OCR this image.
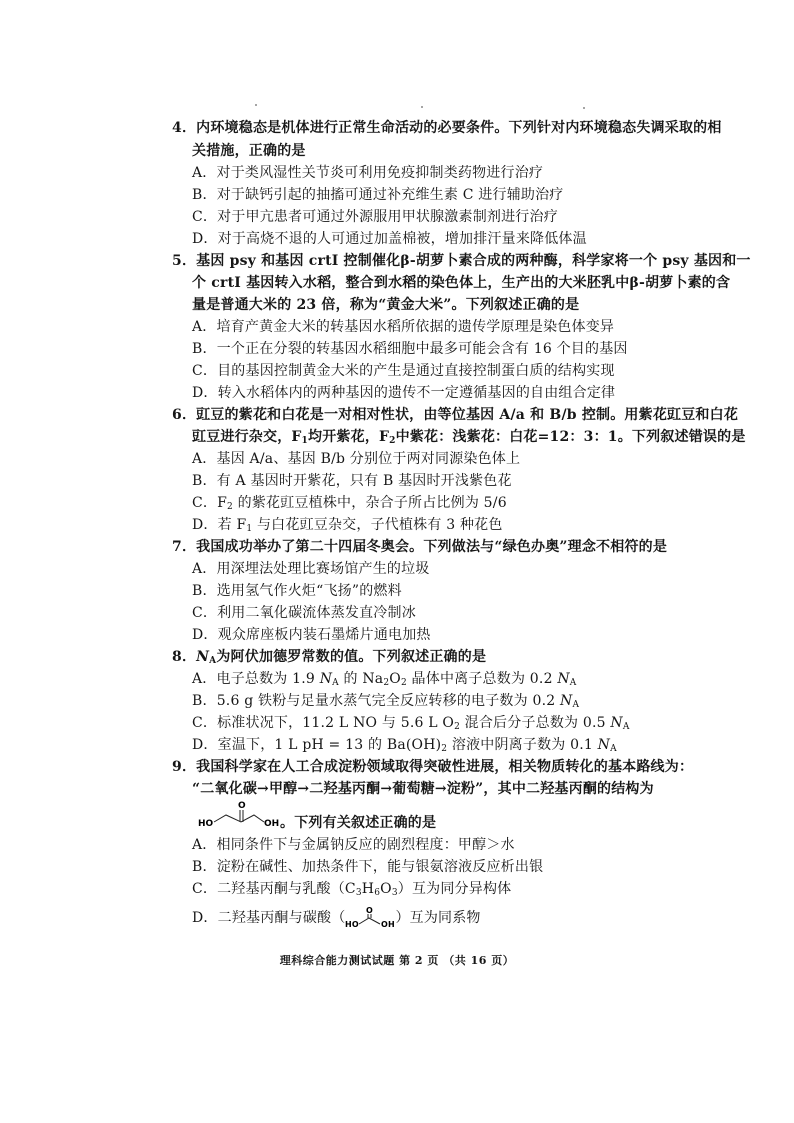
4．内环境稳态是机体进行正常生命活动的必要条件。下列针对内环境稳态失调采取的相
关措施，正确的是
A．对于类风湿性关节炎可利用免疫抑制类药物进行治疗
B．对于缺钙引起的抽搐可通过补充维生素 C 进行辅助治疗
C．对于甲亢患者可通过外源服用甲状腺激素制剂进行治疗
D．对于高烧不退的人可通过加盖棉被，增加排汗量来降低体温
5．基因 psy 和基因 crtI 控制催化β-胡萝卜素合成的两种酶，科学家将一个 psy 基因和一
个 crtI 基因转入水稻，整合到水稻的染色体上，生产出的大米胚乳中β-胡萝卜素的含
量是普通大米的 23 倍，称为“黄金大米”。下列叙述正确的是
A．培育产黄金大米的转基因水稻所依据的遗传学原理是染色体变异
B．一个正在分裂的转基因水稻细胞中最多可能会含有 16 个目的基因
C．目的基因控制黄金大米的产生是通过直接控制蛋白质的结构实现
D．转入水稻体内的两种基因的遗传不一定遵循基因的自由组合定律
6．豇豆的紫花和白花是一对相对性状，由等位基因 A/a 和 B/b 控制。用紫花豇豆和白花
豇豆进行杂交，$F_1$均开紫花，$F_2$中紫花：浅紫花：白花=12：3：1。下列叙述错误的是
A．基因 A/a、基因 B/b 分别位于两对同源染色体上
B．有 A 基因时开紫花，只有 B 基因时开浅紫色花
C．$F_2$ 的紫花豇豆植株中，杂合子所占比例为 5/6
D．若 $F_1$ 与白花豇豆杂交，子代植株有 3 种花色
7．我国成功举办了第二十四届冬奥会。下列做法与“绿色办奥”理念不相符的是
A．用深埋法处理比赛场馆产生的垃圾
B．选用氢气作火炬“飞扬”的燃料
C．利用二氧化碳流体蒸发直冷制冰
D．观众席座板内装石墨烯片通电加热
8．$N_A$为阿伏加德罗常数的值。下列叙述正确的是
A．电子总数为 1.9 $N_A$ 的 $Na_2O_2$ 晶体中离子总数为 0.2 $N_A$
B．5.6 g 铁粉与足量水蒸气完全反应转移的电子数为 0.2 $N_A$
C．标准状况下，11.2 L NO 与 5.6 L $O_2$ 混合后分子总数为 0.5 $N_A$
D．室温下，1 L pH = 13 的 $Ba(OH)_2$ 溶液中阴离子数为 0.1 $N_A$
9．我国科学家在人工合成淀粉领域取得突破性进展，相关物质转化的基本路线为：
“二氧化碳→甲醇→二羟基丙酮→葡萄糖→淀粉”，其中二羟基丙酮的结构为
HO
O
OH 。下列有关叙述正确的是
A．相同条件下与金属钠反应的剧烈程度：甲醇＞水
B．淀粉在碱性、加热条件下，能与银氨溶液反应析出银
C．二羟基丙酮与乳酸$(C_3H_6O_3)$互为同分异构体
D．二羟基丙酮与碳酸（ HO
O
OH ）互为同系物
理科综合能力测试试题 第 2 页 （共 16 页）
